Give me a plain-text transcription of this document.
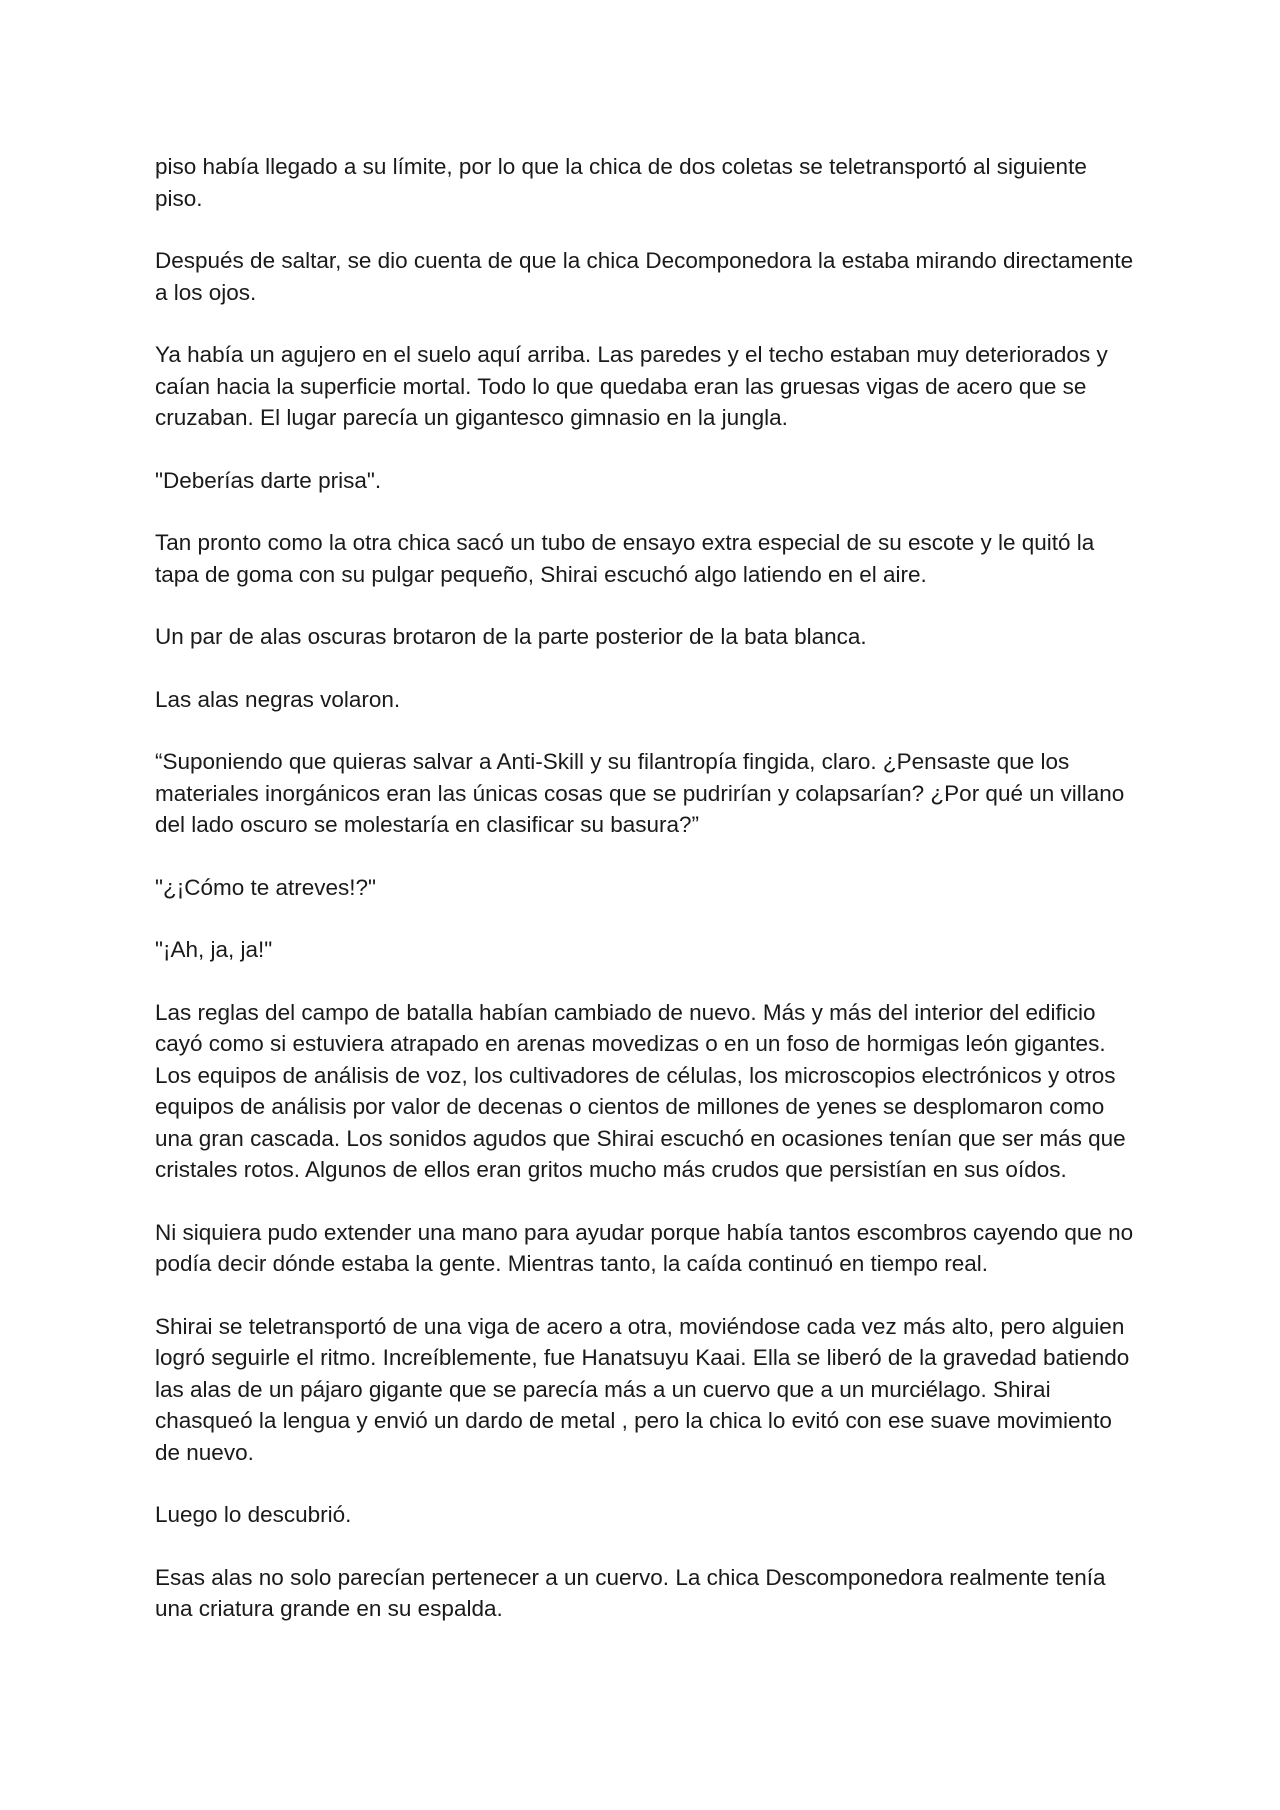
piso había llegado a su límite, por lo que la chica de dos coletas se teletransportó al siguiente piso.

Después de saltar, se dio cuenta de que la chica Decomponedora la estaba mirando directamente a los ojos.

Ya había un agujero en el suelo aquí arriba. Las paredes y el techo estaban muy deteriorados y caían hacia la superficie mortal. Todo lo que quedaba eran las gruesas vigas de acero que se cruzaban. El lugar parecía un gigantesco gimnasio en la jungla.

"Deberías darte prisa".

Tan pronto como la otra chica sacó un tubo de ensayo extra especial de su escote y le quitó la tapa de goma con su pulgar pequeño, Shirai escuchó algo latiendo en el aire.

Un par de alas oscuras brotaron de la parte posterior de la bata blanca.

Las alas negras volaron.

“Suponiendo que quieras salvar a Anti-Skill y su filantropía fingida, claro. ¿Pensaste que los materiales inorgánicos eran las únicas cosas que se pudrirían y colapsarían? ¿Por qué un villano del lado oscuro se molestaría en clasificar su basura?”

"¿¡Cómo te atreves!?"

"¡Ah, ja, ja!"

Las reglas del campo de batalla habían cambiado de nuevo. Más y más del interior del edificio cayó como si estuviera atrapado en arenas movedizas o en un foso de hormigas león gigantes. Los equipos de análisis de voz, los cultivadores de células, los microscopios electrónicos y otros equipos de análisis por valor de decenas o cientos de millones de yenes se desplomaron como una gran cascada. Los sonidos agudos que Shirai escuchó en ocasiones tenían que ser más que cristales rotos. Algunos de ellos eran gritos mucho más crudos que persistían en sus oídos.

Ni siquiera pudo extender una mano para ayudar porque había tantos escombros cayendo que no podía decir dónde estaba la gente. Mientras tanto, la caída continuó en tiempo real.

Shirai se teletransportó de una viga de acero a otra, moviéndose cada vez más alto, pero alguien logró seguirle el ritmo. Increíblemente, fue Hanatsuyu Kaai. Ella se liberó de la gravedad batiendo las alas de un pájaro gigante que se parecía más a un cuervo que a un murciélago. Shirai chasqueó la lengua y envió un dardo de metal , pero la chica lo evitó con ese suave movimiento de nuevo.

Luego lo descubrió.

Esas alas no solo parecían pertenecer a un cuervo. La chica Descomponedora realmente tenía una criatura grande en su espalda.
